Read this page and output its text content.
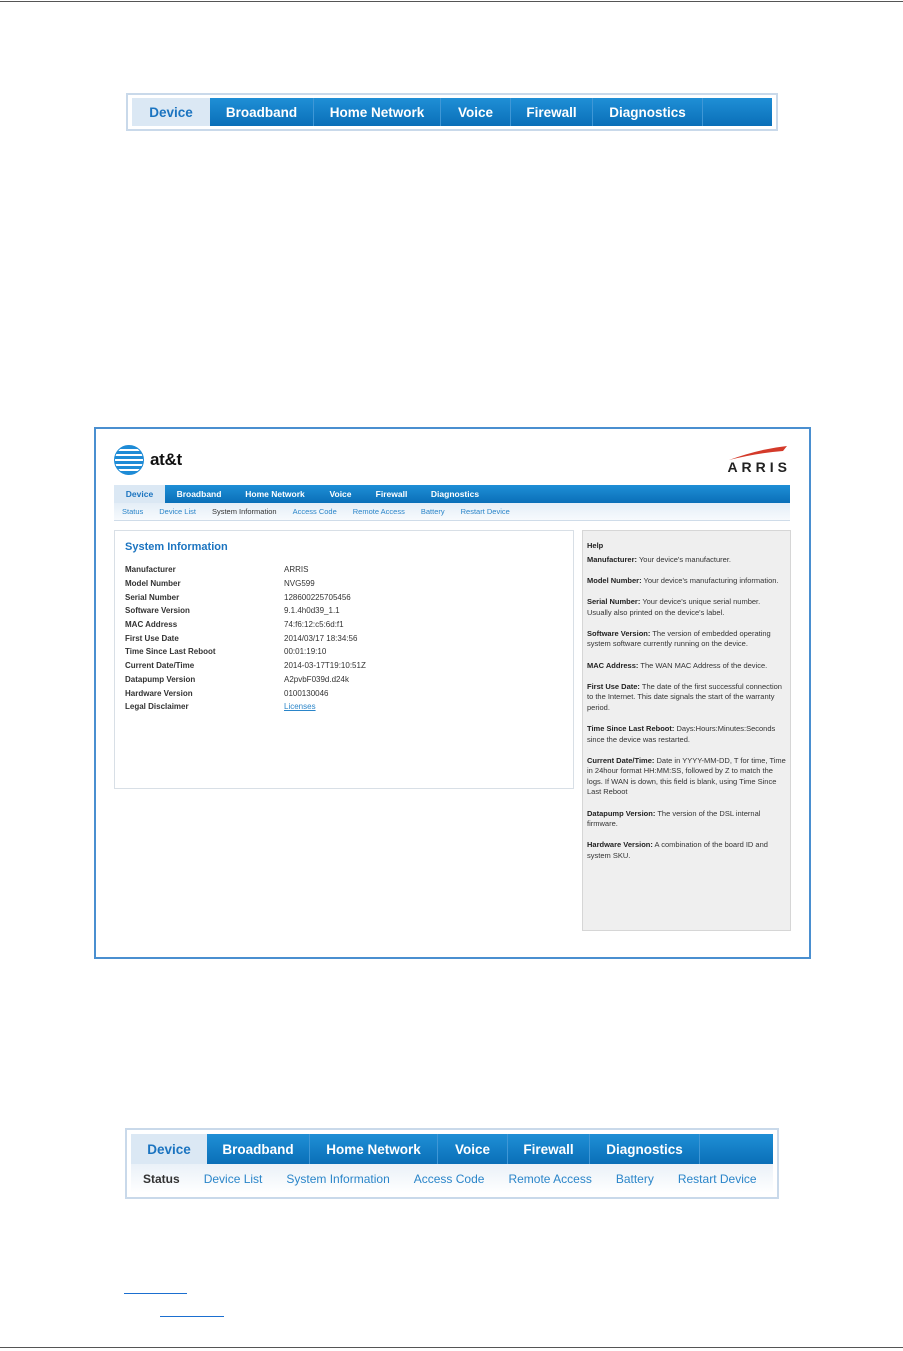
Device	Broadband	Home Network	Voice	Firewall	Diagnostics
at&t	ARRIS
Device	Broadband	Home Network	Voice	Firewall	Diagnostics
Status	Device List	System Information	Access Code	Remote Access	Battery	Restart Device
System Information
Manufacturer	ARRIS
Model Number	NVG599
Serial Number	128600225705456
Software Version	9.1.4h0d39_1.1
MAC Address	74:f6:12:c5:6d:f1
First Use Date	2014/03/17 18:34:56
Time Since Last Reboot	00:01:19:10
Current Date/Time	2014-03-17T19:10:51Z
Datapump Version	A2pvbF039d.d24k
Hardware Version	0100130046
Legal Disclaimer	Licenses
Help
Manufacturer: Your device's manufacturer.
Model Number: Your device's manufacturing information.
Serial Number: Your device's unique serial number. Usually also printed on the device's label.
Software Version: The version of embedded operating system software currently running on the device.
MAC Address: The WAN MAC Address of the device.
First Use Date: The date of the first successful connection to the Internet. This date signals the start of the warranty period.
Time Since Last Reboot: Days:Hours:Minutes:Seconds since the device was restarted.
Current Date/Time: Date in YYYY-MM-DD, T for time, Time in 24hour format HH:MM:SS, followed by Z to match the logs. If WAN is down, this field is blank, using Time Since Last Reboot
Datapump Version: The version of the DSL internal firmware.
Hardware Version: A combination of the board ID and system SKU.
Device	Broadband	Home Network	Voice	Firewall	Diagnostics
Status	Device List	System Information	Access Code	Remote Access	Battery	Restart Device
